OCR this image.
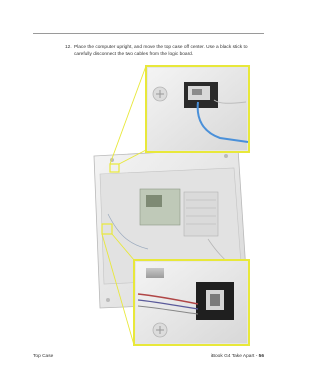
12. Place the computer upright, and move the top case off center. Use a black stick to carefully disconnect the two cables from the logic board.
Top Case	iBook G4 Take Apart - 56
